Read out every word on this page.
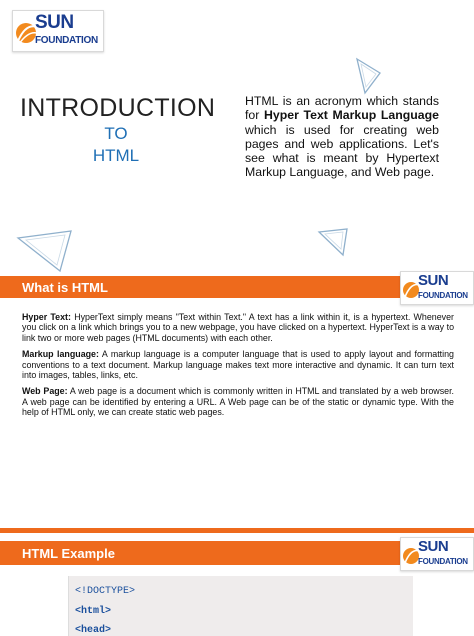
SUN
FOUNDATION
INTRODUCTION
TO
HTML
HTML is an acronym which stands for Hyper Text Markup Language which is used for creating web pages and web applications. Let's see what is meant by Hypertext Markup Language, and Web page.
What is HTML	SUN
FOUNDATION

Hyper Text: HyperText simply means "Text within Text." A text has a link within it, is a hypertext. Whenever you click on a link which brings you to a new webpage, you have clicked on a hypertext. HyperText is a way to link two or more web pages (HTML documents) with each other.

Markup language: A markup language is a computer language that is used to apply layout and formatting conventions to a text document. Markup language makes text more interactive and dynamic. It can turn text into images, tables, links, etc.

Web Page: A web page is a document which is commonly written in HTML and translated by a web browser. A web page can be identified by entering a URL. A Web page can be of the static or dynamic type. With the help of HTML only, we can create static web pages.

HTML Example	SUN
FOUNDATION
<!DOCTYPE>
<html>
<head>
